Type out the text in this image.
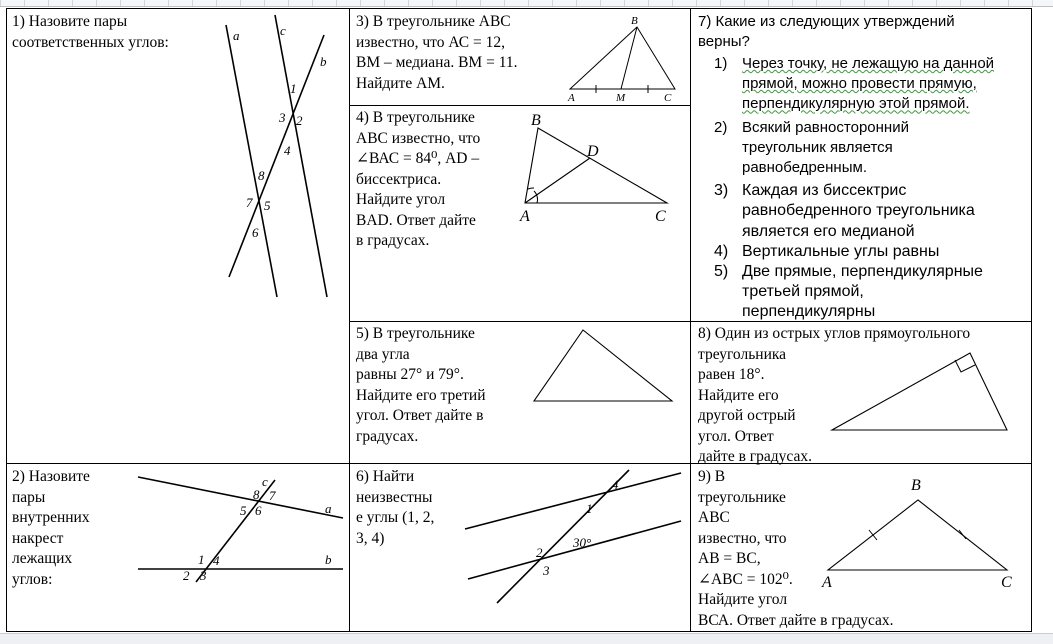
1) Назовите пары
соответственных углов:	a	c
b
1
2
3
4
5
6
7
8
2) Назовите
пары
внутренних
накрест
лежащих
углов:
c
a
b
1
2 3
4
5 6
7
8
3) В треугольнике АВС
известно, что АС = 12,
ВМ – медиана. ВМ = 11.
Найдите АМ.
B
A	M	C
4) В треугольнике
АВС известно, что
∠ВАС = 84⁰, AD –
биссектриса.
Найдите угол
BAD. Ответ дайте
в градусах.
B
D
A	C
5) В треугольнике
два угла
равны 27° и 79°.
Найдите его третий
угол. Ответ дайте в
градусах.
6) Найти
неизвестны
е углы (1, 2,
3, 4)
4
1
2
3
30°
7) Какие из следующих утверждений
верны?
1) Через точку, не лежащую на данной
прямой, можно провести прямую,
перпендикулярную этой прямой.
2) Всякий равносторонний
треугольник является
равнобедренным.
3) Каждая из биссектрис
равнобедренного треугольника
является его медианой
4) Вертикальные углы равны
5) Две прямые, перпендикулярные
третьей прямой,
перпендикулярны
8) Один из острых углов прямоугольного
треугольника
равен 18°.
Найдите его
другой острый
угол. Ответ
дайте в градусах.
9) В
треугольнике
АВС
известно, что
АВ = ВС,
∠АВС = 102⁰.
Найдите угол
ВСА. Ответ дайте в градусах.
B
A	C
